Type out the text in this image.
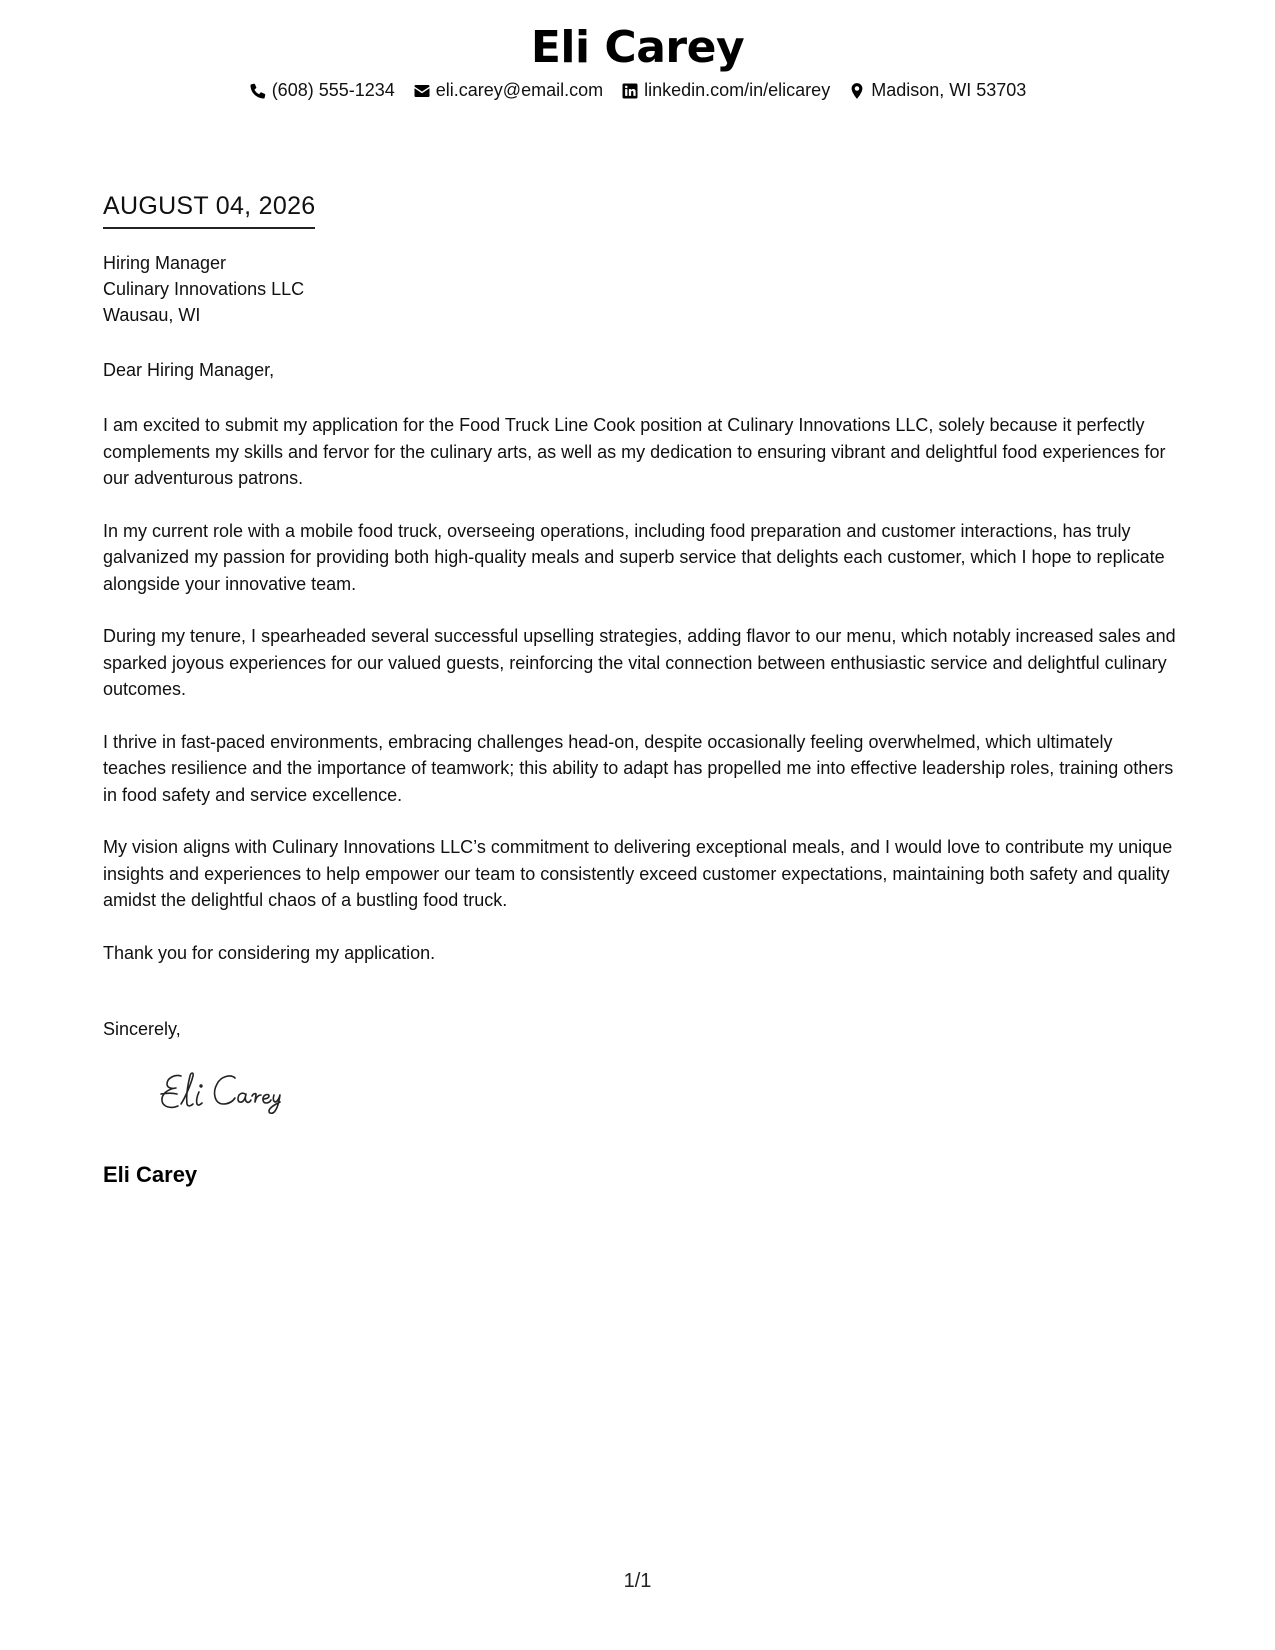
Eli Carey
(608) 555-1234 eli.carey@email.com linkedin.com/in/elicarey Madison, WI 53703
AUGUST 04, 2026
Hiring Manager
Culinary Innovations LLC
Wausau, WI
Dear Hiring Manager,

I am excited to submit my application for the Food Truck Line Cook position at Culinary Innovations LLC, solely because it perfectly complements my skills and fervor for the culinary arts, as well as my dedication to ensuring vibrant and delightful food experiences for our adventurous patrons.

In my current role with a mobile food truck, overseeing operations, including food preparation and customer interactions, has truly galvanized my passion for providing both high-quality meals and superb service that delights each customer, which I hope to replicate alongside your innovative team.

During my tenure, I spearheaded several successful upselling strategies, adding flavor to our menu, which notably increased sales and sparked joyous experiences for our valued guests, reinforcing the vital connection between enthusiastic service and delightful culinary outcomes.

I thrive in fast-paced environments, embracing challenges head-on, despite occasionally feeling overwhelmed, which ultimately teaches resilience and the importance of teamwork; this ability to adapt has propelled me into effective leadership roles, training others in food safety and service excellence.

My vision aligns with Culinary Innovations LLC’s commitment to delivering exceptional meals, and I would love to contribute my unique insights and experiences to help empower our team to consistently exceed customer expectations, maintaining both safety and quality amidst the delightful chaos of a bustling food truck.

Thank you for considering my application.

Sincerely,
Eli Carey
1/1
